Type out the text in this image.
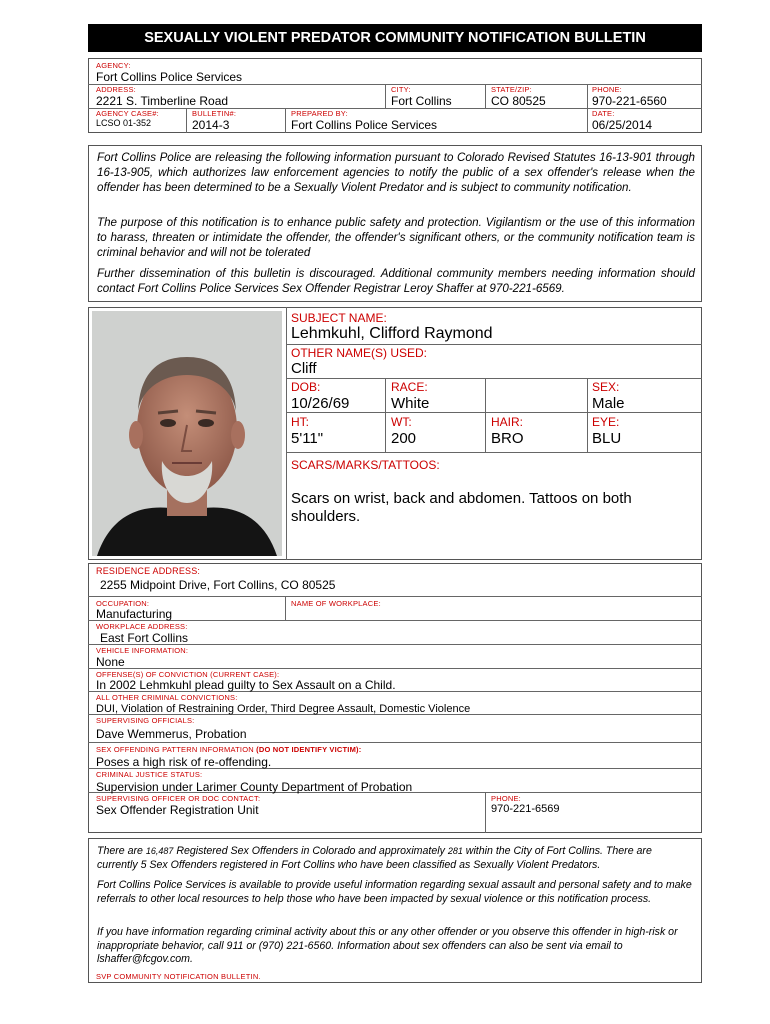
SEXUALLY VIOLENT PREDATOR COMMUNITY NOTIFICATION BULLETIN
AGENCY:
Fort Collins Police Services
ADDRESS:
2221 S. Timberline Road
CITY:
Fort Collins
STATE/ZIP:
CO 80525
PHONE:
970-221-6560
AGENCY CASE#:
LCSO 01-352
BULLETIN#:
2014-3
PREPARED BY:
Fort Collins Police Services
DATE:
06/25/2014
Fort Collins Police are releasing the following information pursuant to Colorado Revised Statutes 16-13-901 through 16-13-905, which authorizes law enforcement agencies to notify the public of a sex offender's release when the offender has been determined to be a Sexually Violent Predator and is subject to community notification.
The purpose of this notification is to enhance public safety and protection. Vigilantism or the use of this information to harass, threaten or intimidate the offender, the offender's significant others, or the community notification team is criminal behavior and will not be tolerated
Further dissemination of this bulletin is discouraged. Additional community members needing information should contact Fort Collins Police Services Sex Offender Registrar Leroy Shaffer at 970-221-6569.
SUBJECT NAME:
Lehmkuhl, Clifford Raymond
OTHER NAME(S) USED:
Cliff
DOB:
10/26/69
RACE:
White
SEX:
Male
HT:
5'11"
WT:
200
HAIR:
BRO
EYE:
BLU
SCARS/MARKS/TATTOOS:
Scars on wrist, back and abdomen. Tattoos on both shoulders.
RESIDENCE ADDRESS:
2255 Midpoint Drive, Fort Collins, CO 80525
OCCUPATION:
Manufacturing
NAME OF WORKPLACE:
WORKPLACE ADDRESS:
East Fort Collins
VEHICLE INFORMATION:
None
OFFENSE(S) OF CONVICTION (CURRENT CASE):
In 2002 Lehmkuhl plead guilty to Sex Assault on a Child.
ALL OTHER CRIMINAL CONVICTIONS:
DUI, Violation of Restraining Order, Third Degree Assault, Domestic Violence
SUPERVISING OFFICIALS:
Dave Wemmerus, Probation
SEX OFFENDING PATTERN INFORMATION (DO NOT IDENTIFY VICTIM):
Poses a high risk of re-offending.
CRIMINAL JUSTICE STATUS:
Supervision under Larimer County Department of Probation
SUPERVISING OFFICER OR DOC CONTACT:
Sex Offender Registration Unit
PHONE:
970-221-6569
There are 16,487 Registered Sex Offenders in Colorado and approximately 281 within the City of Fort Collins. There are currently 5 Sex Offenders registered in Fort Collins who have been classified as Sexually Violent Predators.
Fort Collins Police Services is available to provide useful information regarding sexual assault and personal safety and to make referrals to other local resources to help those who have been impacted by sexual violence or this notification process.
If you have information regarding criminal activity about this or any other offender or you observe this offender in high-risk or inappropriate behavior, call 911 or (970) 221-6560. Information about sex offenders can also be sent via email to lshaffer@fcgov.com.
SVP COMMUNITY NOTIFICATION BULLETIN.
